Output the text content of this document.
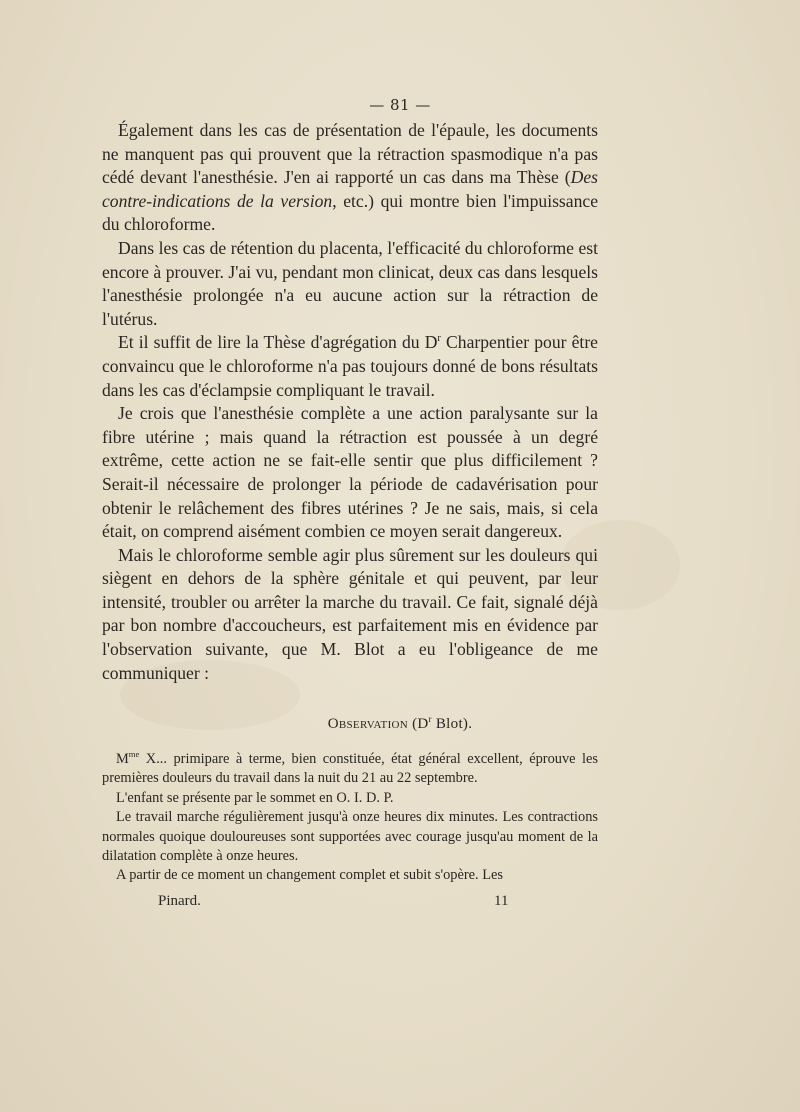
— 81 —

Également dans les cas de présentation de l'épaule, les documents ne manquent pas qui prouvent que la rétraction spasmodique n'a pas cédé devant l'anesthésie. J'en ai rapporté un cas dans ma Thèse (Des contre-indications de la version, etc.) qui montre bien l'impuissance du chloroforme.

Dans les cas de rétention du placenta, l'efficacité du chloroforme est encore à prouver. J'ai vu, pendant mon clinicat, deux cas dans lesquels l'anesthésie prolongée n'a eu aucune action sur la rétraction de l'utérus.

Et il suffit de lire la Thèse d'agrégation du $D^r$ Charpentier pour être convaincu que le chloroforme n'a pas toujours donné de bons résultats dans les cas d'éclampsie compliquant le travail.

Je crois que l'anesthésie complète a une action paralysante sur la fibre utérine ; mais quand la rétraction est poussée à un degré extrême, cette action ne se fait-elle sentir que plus difficilement ? Serait-il nécessaire de prolonger la période de cadavérisation pour obtenir le relâchement des fibres utérines ? Je ne sais, mais, si cela était, on comprend aisément combien ce moyen serait dangereux.

Mais le chloroforme semble agir plus sûrement sur les douleurs qui siègent en dehors de la sphère génitale et qui peuvent, par leur intensité, troubler ou arrêter la marche du travail. Ce fait, signalé déjà par bon nombre d'accoucheurs, est parfaitement mis en évidence par l'observation suivante, que M. Blot a eu l'obligeance de me communiquer :

Observation ($D^r$ Blot).

$M^{me}$ X... primipare à terme, bien constituée, état général excellent, éprouve les premières douleurs du travail dans la nuit du 21 au 22 septembre.

L'enfant se présente par le sommet en O. I. D. P.

Le travail marche régulièrement jusqu'à onze heures dix minutes. Les contractions normales quoique douloureuses sont supportées avec courage jusqu'au moment de la dilatation complète à onze heures.

A partir de ce moment un changement complet et subit s'opère. Les

Pinard.	11
